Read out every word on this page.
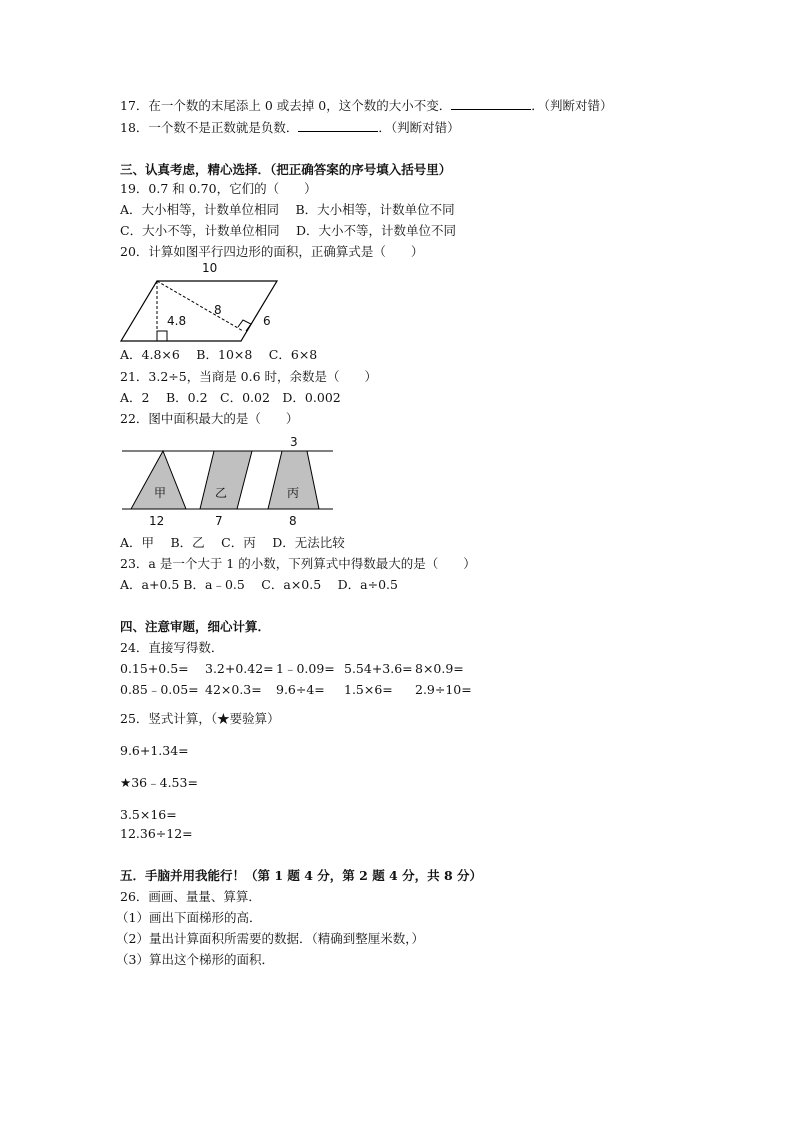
17．在一个数的末尾添上 0 或去掉 0，这个数的大小不变．	．（判断对错）
18．一个数不是正数就是负数．	．（判断对错）
三、认真考虑，精心选择．（把正确答案的序号填入括号里）
19．0.7 和 0.70，它们的（　　）
A．大小相等，计数单位相同　 B．大小相等，计数单位不同
C．大小不等，计数单位相同　 D．大小不等，计数单位不同
20．计算如图平行四边形的面积，正确算式是（　　）
10
8
4.8	6
甲	乙	丙
3
12	7	8
A．4.8×6　 B．10×8　 C．6×8
21．3.2÷5，当商是 0.6 时，余数是（　　）
A．2　 B．0.2　C．0.02　D．0.002
22．图中面积最大的是（　　）
A．甲　 B．乙　 C．丙　 D．无法比较
23．a 是一个大于 1 的小数，下列算式中得数最大的是（　　）
A．a+0.5 B．a﹣0.5　 C．a×0.5　 D．a÷0.5
四、注意审题，细心计算．
24．直接写得数．
0.15+0.5= 3.2+0.42= 1﹣0.09= 5.54+3.6= 8×0.9=
0.85﹣0.05= 42×0.3= 9.6÷4= 1.5×6= 2.9÷10=
25．竖式计算，（★要验算）
9.6+1.34=
★36﹣4.53=
3.5×16=
12.36÷12=
五．手脑并用我能行！（第 1 题 4 分，第 2 题 4 分，共 8 分）
26．画画、量量、算算．
（1）画出下面梯形的高．
（2）量出计算面积所需要的数据．（精确到整厘米数，）
（3）算出这个梯形的面积．
